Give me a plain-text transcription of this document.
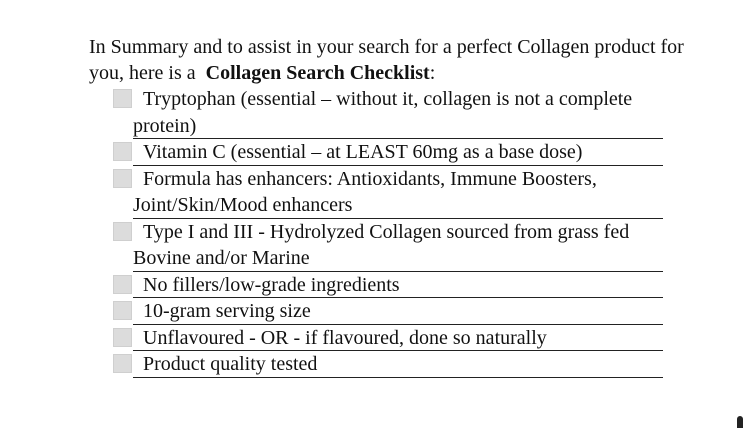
In Summary and to assist in your search for a perfect Collagen product for you, here is a Collagen Search Checklist:
Tryptophan (essential – without it, collagen is not a complete protein)
Vitamin C (essential – at LEAST 60mg as a base dose)
Formula has enhancers: Antioxidants, Immune Boosters, Joint/Skin/Mood enhancers
Type I and III - Hydrolyzed Collagen sourced from grass fed Bovine and/or Marine
No fillers/low-grade ingredients
10-gram serving size
Unflavoured - OR - if flavoured, done so naturally
Product quality tested
